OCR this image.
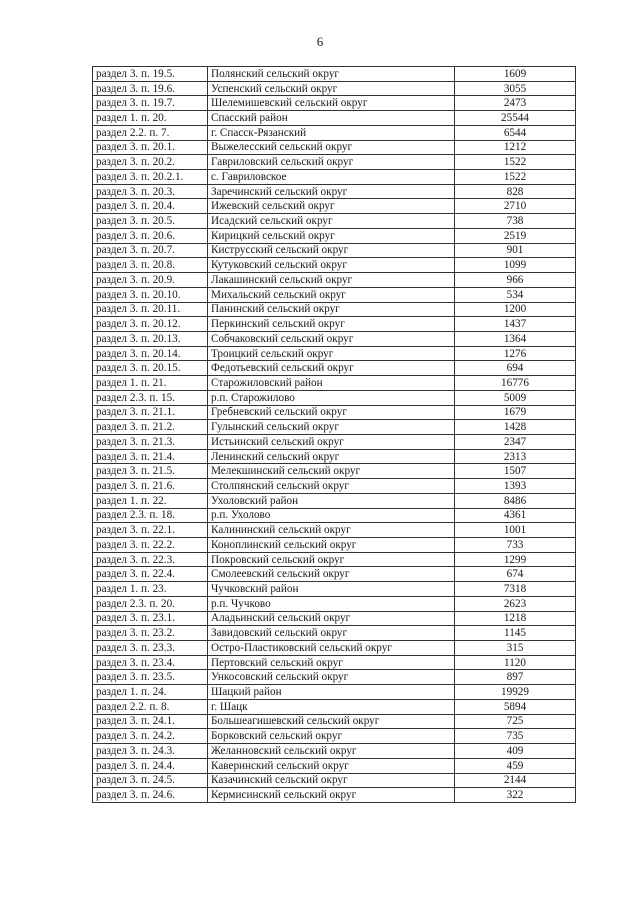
6
раздел 3. п. 19.5.	Полянский сельский округ	1609
раздел 3. п. 19.6.	Успенский сельский округ	3055
раздел 3. п. 19.7.	Шелемишевский сельский округ	2473
раздел 1. п. 20.	Спасский район	25544
раздел 2.2. п. 7.	г. Спасск-Рязанский	6544
раздел 3. п. 20.1.	Выжелесский сельский округ	1212
раздел 3. п. 20.2.	Гавриловский сельский округ	1522
раздел 3. п. 20.2.1.	с. Гавриловское	1522
раздел 3. п. 20.3.	Заречинский сельский округ	828
раздел 3. п. 20.4.	Ижевский сельский округ	2710
раздел 3. п. 20.5.	Исадский сельский округ	738
раздел 3. п. 20.6.	Кирицкий сельский округ	2519
раздел 3. п. 20.7.	Киструсский сельский округ	901
раздел 3. п. 20.8.	Кутуковский сельский округ	1099
раздел 3. п. 20.9.	Лакашинский сельский округ	966
раздел 3. п. 20.10.	Михальский сельский округ	534
раздел 3. п. 20.11.	Панинский сельский округ	1200
раздел 3. п. 20.12.	Перкинский сельский округ	1437
раздел 3. п. 20.13.	Собчаковский сельский округ	1364
раздел 3. п. 20.14.	Троицкий сельский округ	1276
раздел 3. п. 20.15.	Федотьевский сельский округ	694
раздел 1. п. 21.	Старожиловский район	16776
раздел 2.3. п. 15.	р.п. Старожилово	5009
раздел 3. п. 21.1.	Гребневский сельский округ	1679
раздел 3. п. 21.2.	Гулынский сельский округ	1428
раздел 3. п. 21.3.	Истьинский сельский округ	2347
раздел 3. п. 21.4.	Ленинский сельский округ	2313
раздел 3. п. 21.5.	Мелекшинский сельский округ	1507
раздел 3. п. 21.6.	Столпянский сельский округ	1393
раздел 1. п. 22.	Ухоловский район	8486
раздел 2.3. п. 18.	р.п. Ухолово	4361
раздел 3. п. 22.1.	Калининский сельский округ	1001
раздел 3. п. 22.2.	Коноплинский сельский округ	733
раздел 3. п. 22.3.	Покровский сельский округ	1299
раздел 3. п. 22.4.	Смолеевский сельский округ	674
раздел 1. п. 23.	Чучковский район	7318
раздел 2.3. п. 20.	р.п. Чучково	2623
раздел 3. п. 23.1.	Аладьинский сельский округ	1218
раздел 3. п. 23.2.	Завидовский сельский округ	1145
раздел 3. п. 23.3.	Остро-Пластиковский сельский округ	315
раздел 3. п. 23.4.	Пертовский сельский округ	1120
раздел 3. п. 23.5.	Ункосовский сельский округ	897
раздел 1. п. 24.	Шацкий район	19929
раздел 2.2. п. 8.	г. Шацк	5894
раздел 3. п. 24.1.	Большеагишевский сельский округ	725
раздел 3. п. 24.2.	Борковский сельский округ	735
раздел 3. п. 24.3.	Желанновский сельский округ	409
раздел 3. п. 24.4.	Каверинский сельский округ	459
раздел 3. п. 24.5.	Казачинский сельский округ	2144
раздел 3. п. 24.6.	Кермисинский сельский округ	322
